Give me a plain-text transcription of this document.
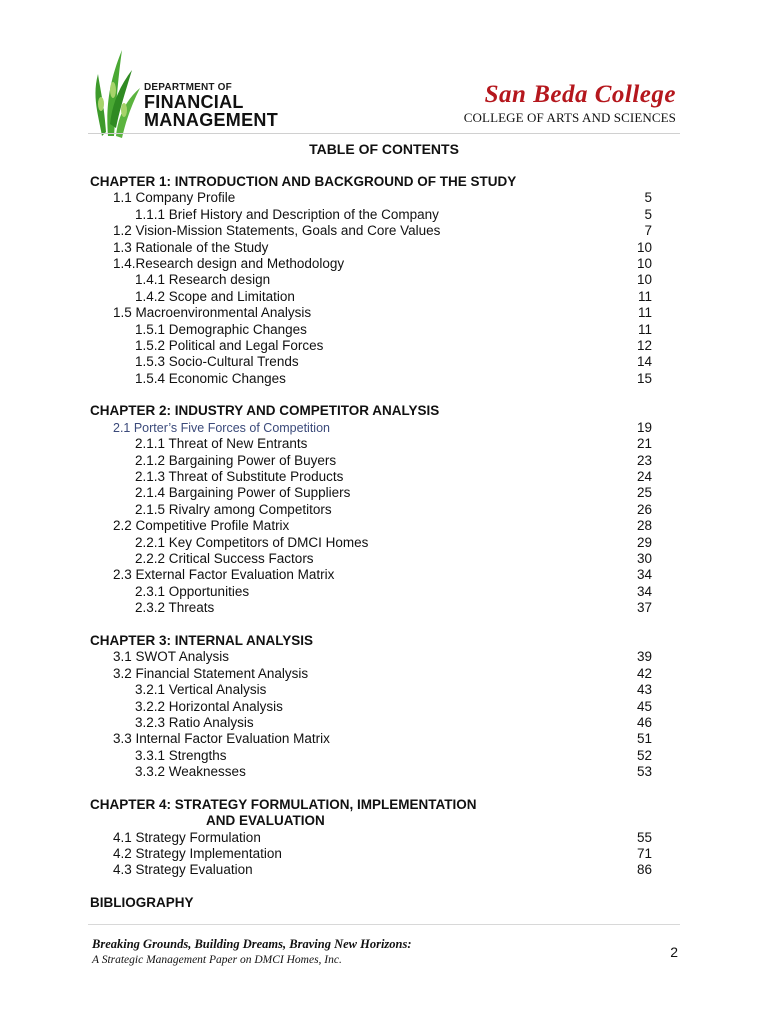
DEPARTMENT OF
FINANCIAL
MANAGEMENT
San Beda College
COLLEGE OF ARTS AND SCIENCES
TABLE OF CONTENTS
CHAPTER 1: INTRODUCTION AND BACKGROUND OF THE STUDY
1.1 Company Profile	5
1.1.1 Brief History and Description of the Company	5
1.2 Vision-Mission Statements, Goals and Core Values	7
1.3 Rationale of the Study	10
1.4.Research design and Methodology	10
1.4.1 Research design	10
1.4.2 Scope and Limitation	11
1.5 Macroenvironmental Analysis	11
1.5.1 Demographic Changes	11
1.5.2 Political and Legal Forces	12
1.5.3 Socio-Cultural Trends	14
1.5.4 Economic Changes	15
CHAPTER 2: INDUSTRY AND COMPETITOR ANALYSIS
2.1 Porter’s Five Forces of Competition	19
2.1.1 Threat of New Entrants	21
2.1.2 Bargaining Power of Buyers	23
2.1.3 Threat of Substitute Products	24
2.1.4 Bargaining Power of Suppliers	25
2.1.5 Rivalry among Competitors	26
2.2 Competitive Profile Matrix	28
2.2.1 Key Competitors of DMCI Homes	29
2.2.2 Critical Success Factors	30
2.3 External Factor Evaluation Matrix	34
2.3.1 Opportunities	34
2.3.2 Threats	37
CHAPTER 3: INTERNAL ANALYSIS
3.1 SWOT Analysis	39
3.2 Financial Statement Analysis	42
3.2.1 Vertical Analysis	43
3.2.2 Horizontal Analysis	45
3.2.3 Ratio Analysis	46
3.3 Internal Factor Evaluation Matrix	51
3.3.1 Strengths	52
3.3.2 Weaknesses	53
CHAPTER 4: STRATEGY FORMULATION, IMPLEMENTATION
AND EVALUATION
4.1 Strategy Formulation	55
4.2 Strategy Implementation	71
4.3 Strategy Evaluation	86
BIBLIOGRAPHY
Breaking Grounds, Building Dreams, Braving New Horizons:
A Strategic Management Paper on DMCI Homes, Inc.	2
